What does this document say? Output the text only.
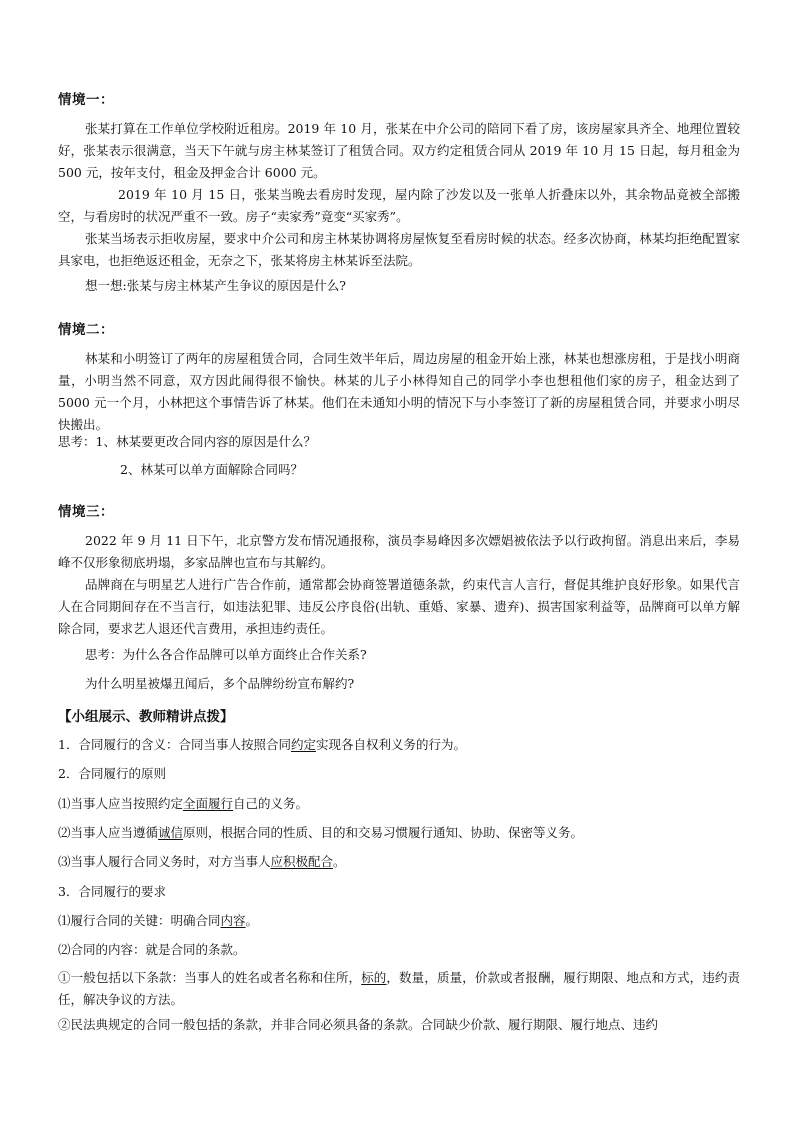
情境一：

张某打算在工作单位学校附近租房。2019 年 10 月，张某在中介公司的陪同下看了房，该房屋家具齐全、地理位置较好，张某表示很满意，当天下午就与房主林某签订了租赁合同。双方约定租赁合同从 2019 年 10 月 15 日起，每月租金为 500 元，按年支付，租金及押金合计 6000 元。

2019 年 10 月 15 日，张某当晚去看房时发现，屋内除了沙发以及一张单人折叠床以外，其余物品竟被全部搬空，与看房时的状况严重不一致。房子“卖家秀”竟变“买家秀”。

张某当场表示拒收房屋，要求中介公司和房主林某协调将房屋恢复至看房时候的状态。经多次协商，林某均拒绝配置家具家电，也拒绝返还租金，无奈之下，张某将房主林某诉至法院。

想一想:张某与房主林某产生争议的原因是什么?

情境二：

林某和小明签订了两年的房屋租赁合同，合同生效半年后，周边房屋的租金开始上涨，林某也想涨房租，于是找小明商量，小明当然不同意，双方因此闹得很不愉快。林某的儿子小林得知自己的同学小李也想租他们家的房子，租金达到了 5000 元一个月，小林把这个事情告诉了林某。他们在未通知小明的情况下与小李签订了新的房屋租赁合同，并要求小明尽快搬出。

思考：1、林某要更改合同内容的原因是什么？

2、林某可以单方面解除合同吗？

情境三：

2022 年 9 月 11 日下午，北京警方发布情况通报称，演员李易峰因多次嫖娼被依法予以行政拘留。消息出来后，李易峰不仅形象彻底坍塌，多家品牌也宣布与其解约。

品牌商在与明星艺人进行广告合作前，通常都会协商签署道德条款，约束代言人言行，督促其维护良好形象。如果代言人在合同期间存在不当言行，如违法犯罪、违反公序良俗(出轨、重婚、家暴、遗弃)、损害国家利益等，品牌商可以单方解除合同，要求艺人退还代言费用，承担违约责任。

思考：为什么各合作品牌可以单方面终止合作关系?

为什么明星被爆丑闻后，多个品牌纷纷宣布解约?

【小组展示、教师精讲点拨】

1．合同履行的含义：合同当事人按照合同约定实现各自权利义务的行为。

2．合同履行的原则

⑴当事人应当按照约定全面履行自己的义务。

⑵当事人应当遵循诚信原则，根据合同的性质、目的和交易习惯履行通知、协助、保密等义务。

⑶当事人履行合同义务时，对方当事人应积极配合。

3．合同履行的要求

⑴履行合同的关键：明确合同内容。

⑵合同的内容：就是合同的条款。

①一般包括以下条款：当事人的姓名或者名称和住所，标的，数量，质量，价款或者报酬，履行期限、地点和方式，违约责任，解决争议的方法。

②民法典规定的合同一般包括的条款，并非合同必须具备的条款。合同缺少价款、履行期限、履行地点、违约
